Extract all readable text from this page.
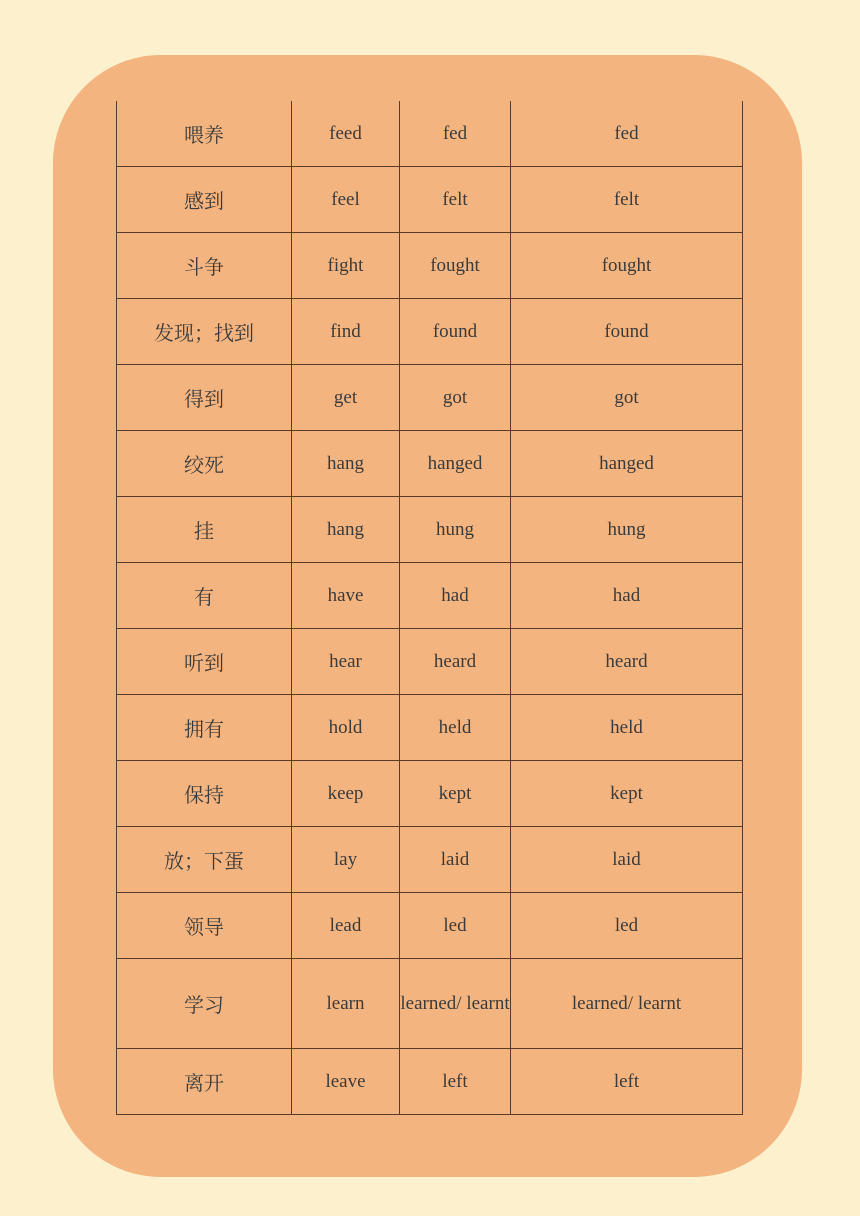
喂养	feed	fed	fed
感到	feel	felt	felt
斗争	fight	fought	fought
发现；找到	find	found	found
得到	get	got	got
绞死	hang	hanged	hanged
挂	hang	hung	hung
有	have	had	had
听到	hear	heard	heard
拥有	hold	held	held
保持	keep	kept	kept
放；下蛋	lay	laid	laid
领导	lead	led	led
学习	learn	learned/ learnt	learned/ learnt
离开	leave	left	left
